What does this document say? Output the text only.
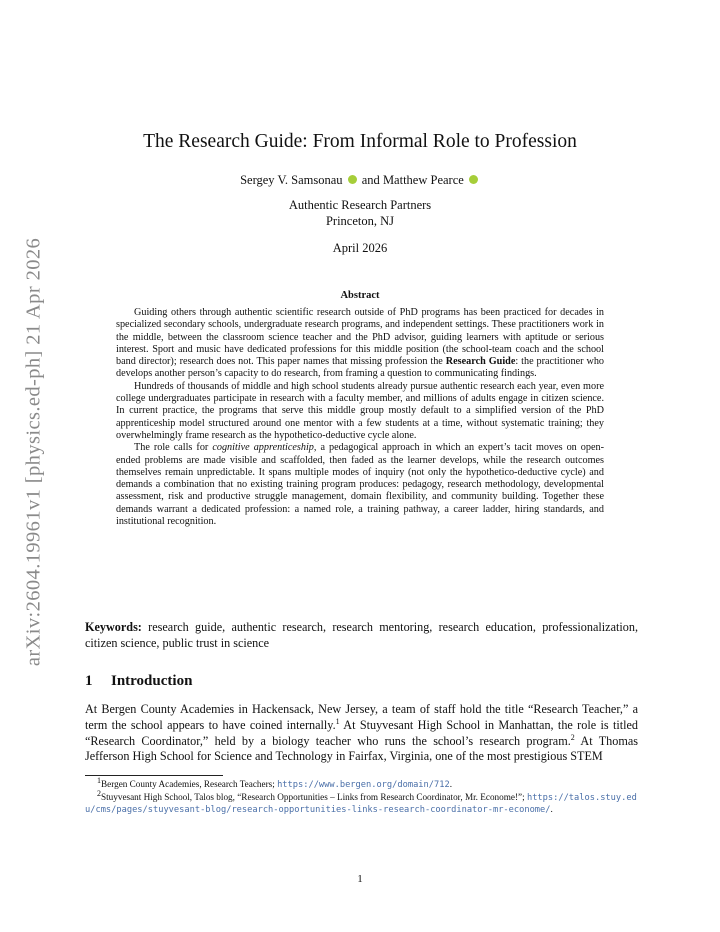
arXiv:2604.19961v1 [physics.ed-ph] 21 Apr 2026
The Research Guide: From Informal Role to Profession
Sergey V. Samsonau  and Matthew Pearce
Authentic Research Partners
Princeton, NJ
April 2026
Abstract

Guiding others through authentic scientific research outside of PhD programs has been practiced for decades in specialized secondary schools, undergraduate research programs, and independent settings. These practitioners work in the middle, between the classroom science teacher and the PhD advisor, guiding learners with aptitude or serious interest. Sport and music have dedicated professions for this middle position (the school-team coach and the school band director); research does not. This paper names that missing profession the Research Guide: the practitioner who develops another person’s capacity to do research, from framing a question to communicating findings.

Hundreds of thousands of middle and high school students already pursue authentic research each year, even more college undergraduates participate in research with a faculty member, and millions of adults engage in citizen science. In current practice, the programs that serve this middle group mostly default to a simplified version of the PhD apprenticeship model structured around one mentor with a few students at a time, without systematic training; they overwhelmingly frame research as the hypothetico-deductive cycle alone.

The role calls for cognitive apprenticeship, a pedagogical approach in which an expert’s tacit moves on open-ended problems are made visible and scaffolded, then faded as the learner develops, while the research outcomes themselves remain unpredictable. It spans multiple modes of inquiry (not only the hypothetico-deductive cycle) and demands a combination that no existing training program produces: pedagogy, research methodology, developmental assessment, risk and productive struggle management, domain flexibility, and community building. Together these demands warrant a dedicated profession: a named role, a training pathway, a career ladder, hiring standards, and institutional recognition.

Keywords: research guide, authentic research, research mentoring, research education, professionalization, citizen science, public trust in science
1 Introduction

At Bergen County Academies in Hackensack, New Jersey, a team of staff hold the title “Research Teacher,” a term the school appears to have coined internally.$^1$ At Stuyvesant High School in Manhattan, the role is titled “Research Coordinator,” held by a biology teacher who runs the school’s research program.$^2$ At Thomas Jefferson High School for Science and Technology in Fairfax, Virginia, one of the most prestigious STEM

$^1$Bergen County Academies, Research Teachers; https://www.bergen.org/domain/712.

$^2$Stuyvesant High School, Talos blog, “Research Opportunities – Links from Research Coordinator, Mr. Econome!”; https://talos.stuy.edu/cms/pages/stuyvesant-blog/research-opportunities-links-research-coordinator-mr-econome/.

1
